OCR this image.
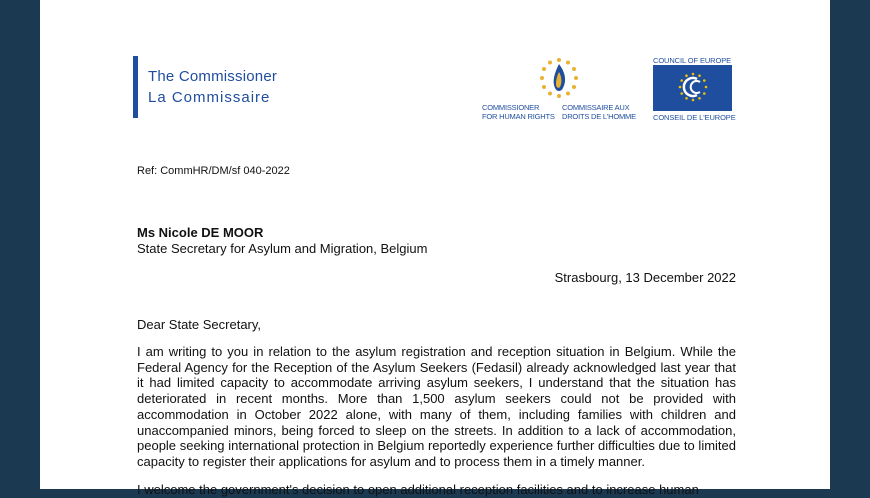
The Commissioner
La Commissaire
COMMISSIONER
FOR HUMAN RIGHTS
COMMISSAIRE AUX
DROITS DE L'HOMME
COUNCIL OF EUROPE
CONSEIL DE L'EUROPE
Ref: CommHR/DM/sf 040-2022
Ms Nicole DE MOOR
State Secretary for Asylum and Migration, Belgium
Strasbourg, 13 December 2022
Dear State Secretary,
I am writing to you in relation to the asylum registration and reception situation in Belgium. While the Federal Agency for the Reception of the Asylum Seekers (Fedasil) already acknowledged last year that it had limited capacity to accommodate arriving asylum seekers, I understand that the situation has deteriorated in recent months. More than 1,500 asylum seekers could not be provided with accommodation in October 2022 alone, with many of them, including families with children and unaccompanied minors, being forced to sleep on the streets. In addition to a lack of accommodation, people seeking international protection in Belgium reportedly experience further difficulties due to limited capacity to register their applications for asylum and to process them in a timely manner.
I welcome the government's decision to open additional reception facilities and to increase human
